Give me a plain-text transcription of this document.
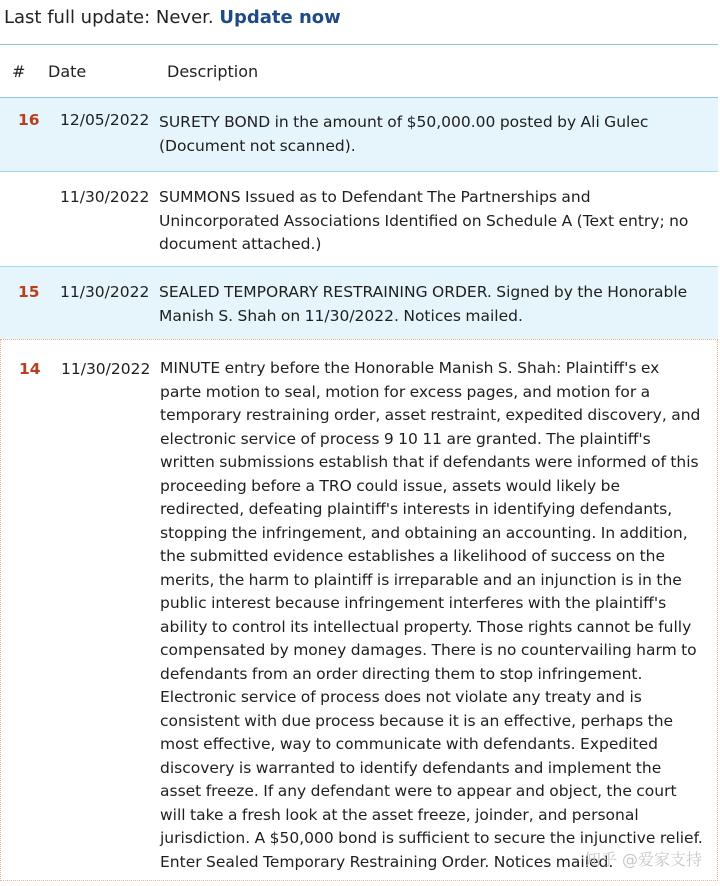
Last full update: Never. Update now
# Date	Description
16 12/05/2022 SURETY BOND in the amount of $50,000.00 posted by Ali Gulec (Document not scanned).
11/30/2022 SUMMONS Issued as to Defendant The Partnerships and Unincorporated Associations Identified on Schedule A (Text entry; no document attached.)
15 11/30/2022 SEALED TEMPORARY RESTRAINING ORDER. Signed by the Honorable Manish S. Shah on 11/30/2022. Notices mailed.
14 11/30/2022 MINUTE entry before the Honorable Manish S. Shah: Plaintiff's ex parte motion to seal, motion for excess pages, and motion for a temporary restraining order, asset restraint, expedited discovery, and electronic service of process 9 10 11 are granted. The plaintiff's written submissions establish that if defendants were informed of this proceeding before a TRO could issue, assets would likely be redirected, defeating plaintiff's interests in identifying defendants, stopping the infringement, and obtaining an accounting. In addition, the submitted evidence establishes a likelihood of success on the merits, the harm to plaintiff is irreparable and an injunction is in the public interest because infringement interferes with the plaintiff's ability to control its intellectual property. Those rights cannot be fully compensated by money damages. There is no countervailing harm to defendants from an order directing them to stop infringement. Electronic service of process does not violate any treaty and is consistent with due process because it is an effective, perhaps the most effective, way to communicate with defendants. Expedited discovery is warranted to identify defendants and implement the asset freeze. If any defendant were to appear and object, the court will take a fresh look at the asset freeze, joinder, and personal jurisdiction. A $50,000 bond is sufficient to secure the injunctive relief. Enter Sealed Temporary Restraining Order. Notices mailed.
知乎 @爱家支持
